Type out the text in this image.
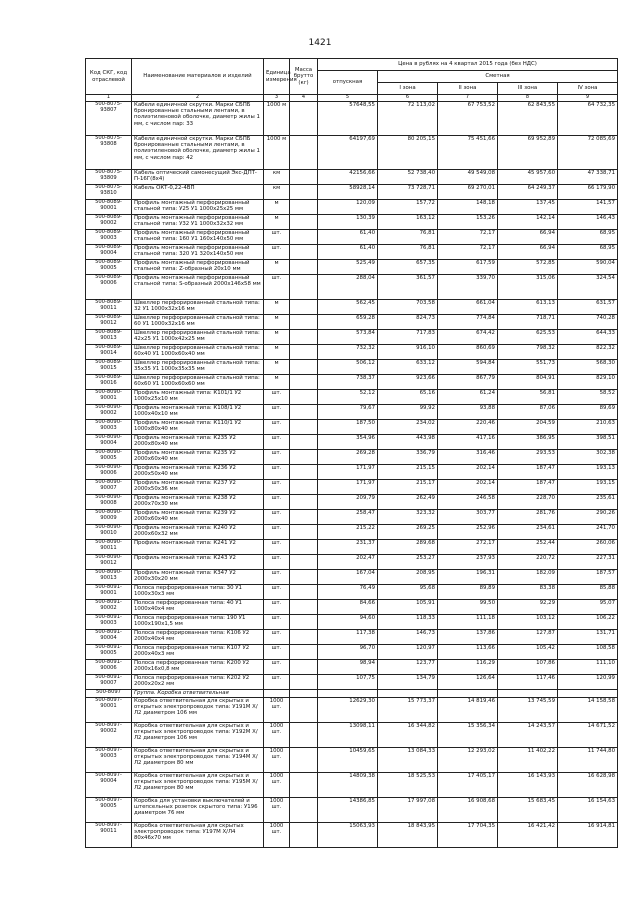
1421
Код СКГ, код отраслевой	Наименование материалов и изделий	Единица измерения	Масса брутто (кг)	Цена в рублях на 4 квартал 2015 года (без НДС)				
				отпускная	Сметная			
					I зона	II зона	III зона	IV зона
1	2	3	4	5	6	7	8	9
500-8075-93807	Кабели единичной скрутки. Марки СБПБ бронированные стальными лентами, в полиэтиленовой оболочке, диаметр жилы 1 мм, с числом пар: 33	1000 м		57648,55	72 113,02	67 753,52	62 843,55	64 732,35
500-8075-93808	Кабели единичной скрутки. Марки СБПБ бронированные стальными лентами, в полиэтиленовой оболочке, диаметр жилы 1 мм, с числом пар: 42	1000 м		64197,69	80 205,15	75 451,66	69 952,89	72 085,69
500-8075-93809	Кабель оптический самонесущий Экс-ДПТ-П-16Г(8x4)	км		42156,66	52 738,40	49 549,08	45 957,60	47 338,71
500-8075-93810	Кабель ОКТ-0,22-4ВП	км		58928,14	73 728,71	69 270,01	64 249,37	66 179,90
500-8089-90001	Профиль монтажный перфорированный стальной типа: У25 У1 1000х25х25 мм	м		120,09	157,72	148,18	137,45	141,57
500-8089-90002	Профиль монтажный перфорированный стальной типа: У32 У1 1000х32х32 мм	м		130,39	163,12	153,26	142,14	146,43
500-8089-90003	Профиль монтажный перфорированный стальной типа: 160 У1 160х140х50 мм	шт.		61,40	76,81	72,17	66,94	68,95
500-8089-90004	Профиль монтажный перфорированный стальной типа: 320 У1 320х140х50 мм	шт.		61,40	76,81	72,17	66,94	68,95
500-8089-90005	Профиль монтажный перфорированный стальной типа: Z-образный 20х10 мм	м		525,49	657,35	617,59	572,85	590,04
500-8089-90006	Профиль монтажный перфорированный стальной типа: S-образный 2000х146х58 мм	шт.		288,04	361,57	339,70	315,06	324,54
500-8089-90011	Швеллер перфорированный стальной типа: 32 У1 1000х32х16 мм	м		562,45	703,58	661,04	613,13	631,57
500-8089-90012	Швеллер перфорированный стальной типа: 60 У1 1000х32х16 мм	м		659,28	824,73	774,84	718,71	740,28
500-8089-90013	Швеллер перфорированный стальной типа: 42х25 У1 1000х42х25 мм	м		573,84	717,83	674,42	625,53	644,33
500-8089-90014	Швеллер перфорированный стальной типа: 60х40 У1 1000х60х40 мм	м		732,32	916,10	860,69	798,32	822,32
500-8089-90015	Швеллер перфорированный стальной типа: 35х35 У1 1000х35х35 мм	м		506,12	633,12	594,84	551,73	568,30
500-8089-90016	Швеллер перфорированный стальной типа: 60х60 У1 1000х60х60 мм	м		738,37	923,66	867,79	804,91	829,10
500-8090-90001	Профиль монтажный типа: К101/1 У2 1000х25х10 мм	шт.		52,12	65,16	61,24	56,81	58,52
500-8090-90002	Профиль монтажный типа: К108/1 У2 1000х40х10 мм	шт.		79,67	99,92	93,88	87,06	89,69
500-8090-90003	Профиль монтажный типа: К110/1 У2 1000х80х40 мм	шт.		187,50	234,02	220,46	204,59	210,63
500-8090-90004	Профиль монтажный типа: К235 У2 2000х80х40 мм	шт.		354,96	443,98	417,16	386,95	398,51
500-8090-90005	Профиль монтажный типа: К235 У2 2000х60х40 мм	шт.		269,28	336,79	316,46	293,53	302,38
500-8090-90006	Профиль монтажный типа: К236 У2 2000х50х40 мм	шт.		171,97	215,15	202,14	187,47	193,13
500-8090-90007	Профиль монтажный типа: К237 У2 2000х50х36 мм	шт.		171,97	215,17	202,14	187,47	193,15
500-8090-90008	Профиль монтажный типа: К238 У2 2000х70х30 мм	шт.		209,79	262,49	246,58	228,70	235,61
500-8090-90009	Профиль монтажный типа: К239 У2 2000х60х40 мм	шт.		258,47	323,32	303,77	281,76	290,26
500-8090-90010	Профиль монтажный типа: К240 У2 2000х60х32 мм	шт.		215,22	269,25	252,96	234,61	241,70
500-8090-90011	Профиль монтажный типа: К241 У2	шт.		231,37	289,68	272,17	252,44	260,06
500-8090-90012	Профиль монтажный типа: К243 У2	шт.		202,47	253,27	237,93	220,72	227,31
500-8090-90013	Профиль монтажный типа: К347 У2 2000х30х20 мм	шт.		167,04	208,95	196,31	182,09	187,57
500-8091-90001	Полоса перфорированная типа: 30 У1 1000х30х3 мм	шт.		76,49	95,68	89,89	83,38	85,88
500-8091-90002	Полоса перфорированная типа: 40 У1 1000х40х4 мм	шт.		84,66	105,91	99,50	92,29	95,07
500-8091-90003	Полоса перфорированная типа: 190 У1 1000х190х1,5 мм	шт.		94,60	118,33	111,18	103,12	106,22
500-8091-90004	Полоса перфорированная типа: К106 У2 2000х40х4 мм	шт.		117,38	146,73	137,86	127,87	131,71
500-8091-90005	Полоса перфорированная типа: К107 У2 2000х40х3 мм	шт.		96,70	120,97	113,66	105,42	108,58
500-8091-90006	Полоса перфорированная типа: К200 У2 2000х16х0,8 мм	шт.		98,94	123,77	116,29	107,86	111,10
500-8091-90007	Полоса перфорированная типа: К202 У2 2000х20х2 мм	шт.		107,75	134,79	126,64	117,46	120,99
500-8097	Группа. Коробка ответвительная							
500-8097-90001	Коробка ответвительная для скрытых и открытых электропроводок типа: У191М Х/Л2 диаметром 106 мм	1000 шт.		12629,30	15 773,37	14 819,46	13 745,59	14 158,58
500-8097-90002	Коробка ответвительная для скрытых и открытых электропроводок типа: У192М Х/Л2 диаметром 106 мм	1000 шт.		13098,11	16 344,82	15 356,34	14 243,57	14 671,52
500-8097-90003	Коробка ответвительная для скрытых и открытых электропроводок типа: У194М Х/Л2 диаметром 80 мм	1000 шт.		10459,65	13 084,33	12 293,02	11 402,22	11 744,80
500-8097-90004	Коробка ответвительная для скрытых и открытых электропроводок типа: У195М Х/Л2 диаметром 80 мм	1000 шт.		14809,38	18 525,53	17 405,17	16 143,93	16 628,98
500-8097-90005	Коробка для установки выключателей и штепсельных розеток скрытого типа: У196 диаметром 76 мм	1000 шт.		14386,85	17 997,08	16 908,68	15 683,45	16 154,63
500-8097-90011	Коробка ответвительная для скрытых электропроводок типа: У197М Х/Л4 80х46х70 мм	1000 шт.		15063,93	18 843,95	17 704,35	16 421,42	16 914,81
